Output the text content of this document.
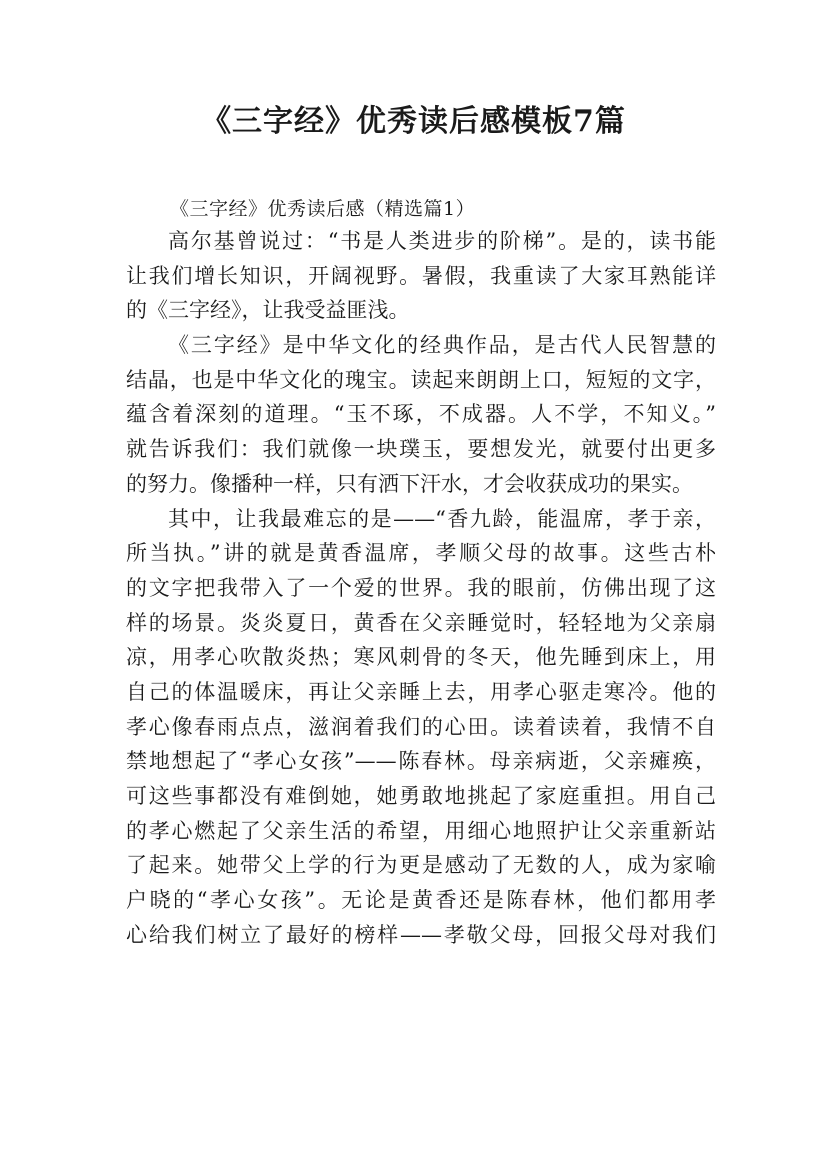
《三字经》优秀读后感模板7篇

《三字经》优秀读后感（精选篇1）

高尔基曾说过：“书是人类进步的阶梯”。是的，读书能

让我们增长知识，开阔视野。暑假，我重读了大家耳熟能详

的《三字经》，让我受益匪浅。

《三字经》是中华文化的经典作品，是古代人民智慧的

结晶，也是中华文化的瑰宝。读起来朗朗上口，短短的文字，

蕴含着深刻的道理。“玉不琢，不成器。人不学，不知义。”

就告诉我们：我们就像一块璞玉，要想发光，就要付出更多

的努力。像播种一样，只有洒下汗水，才会收获成功的果实。

其中，让我最难忘的是——“香九龄，能温席，孝于亲，

所当执。”讲的就是黄香温席，孝顺父母的故事。这些古朴

的文字把我带入了一个爱的世界。我的眼前，仿佛出现了这

样的场景。炎炎夏日，黄香在父亲睡觉时，轻轻地为父亲扇

凉，用孝心吹散炎热；寒风刺骨的冬天，他先睡到床上，用

自己的体温暖床，再让父亲睡上去，用孝心驱走寒冷。他的

孝心像春雨点点，滋润着我们的心田。读着读着，我情不自

禁地想起了“孝心女孩”——陈春林。母亲病逝，父亲瘫痪，

可这些事都没有难倒她，她勇敢地挑起了家庭重担。用自己

的孝心燃起了父亲生活的希望，用细心地照护让父亲重新站

了起来。她带父上学的行为更是感动了无数的人，成为家喻

户晓的“孝心女孩”。无论是黄香还是陈春林，他们都用孝

心给我们树立了最好的榜样——孝敬父母，回报父母对我们
